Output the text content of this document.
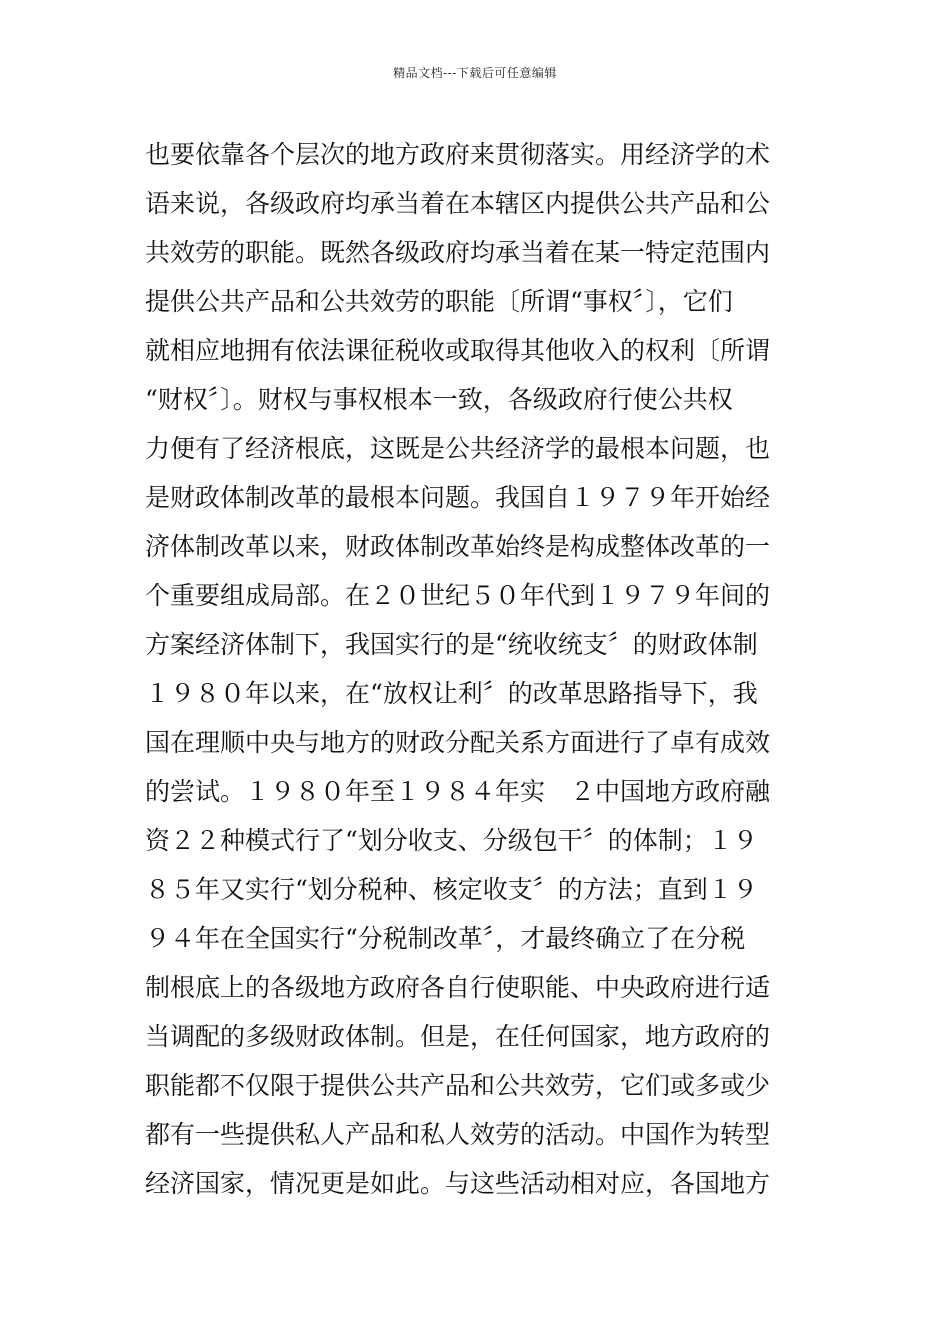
精品文档---下载后可任意编辑
也要依靠各个层次的地方政府来贯彻落实。用经济学的术
语来说，各级政府均承当着在本辖区内提供公共产品和公
共效劳的职能。既然各级政府均承当着在某一特定范围内
提供公共产品和公共效劳的职能〔所谓“事权〞〕，它们
就相应地拥有依法课征税收或取得其他收入的权利〔所谓
“财权〞〕。财权与事权根本一致，各级政府行使公共权
力便有了经济根底，这既是公共经济学的最根本问题，也
是财政体制改革的最根本问题。我国自１９７９年开始经
济体制改革以来，财政体制改革始终是构成整体改革的一
个重要组成局部。在２０世纪５０年代到１９７９年间的
方案经济体制下，我国实行的是“统收统支〞的财政体制
１９８０年以来，在“放权让利〞的改革思路指导下，我
国在理顺中央与地方的财政分配关系方面进行了卓有成效
的尝试。１９８０年至１９８４年实　２中国地方政府融
资２２种模式行了“划分收支、分级包干〞的体制；１９
８５年又实行“划分税种、核定收支〞的方法；直到１９
９４年在全国实行“分税制改革〞，才最终确立了在分税
制根底上的各级地方政府各自行使职能、中央政府进行适
当调配的多级财政体制。但是，在任何国家，地方政府的
职能都不仅限于提供公共产品和公共效劳，它们或多或少
都有一些提供私人产品和私人效劳的活动。中国作为转型
经济国家，情况更是如此。与这些活动相对应，各国地方
